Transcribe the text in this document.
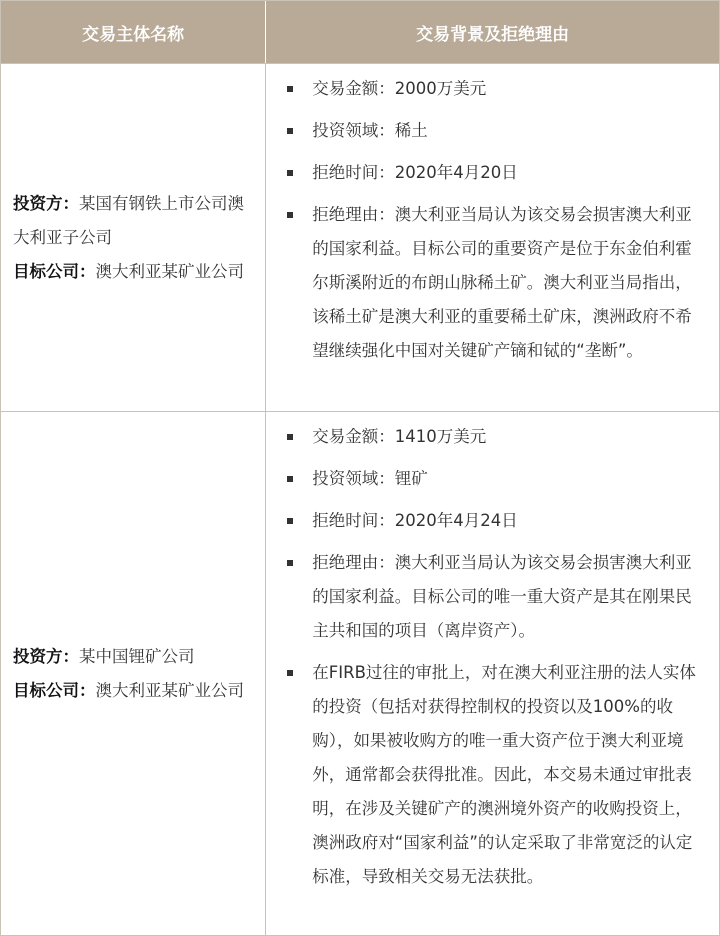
交易主体名称	交易背景及拒绝理由
投资方：某国有钢铁上市公司澳大利亚子公司
目标公司：澳大利亚某矿业公司
交易金额：2000万美元
投资领域：稀土
拒绝时间：2020年4月20日
拒绝理由：澳大利亚当局认为该交易会损害澳大利亚的国家利益。目标公司的重要资产是位于东金伯利霍尔斯溪附近的布朗山脉稀土矿。澳大利亚当局指出，该稀土矿是澳大利亚的重要稀土矿床，澳洲政府不希望继续强化中国对关键矿产镝和铽的“垄断”。
投资方：某中国锂矿公司
目标公司：澳大利亚某矿业公司
交易金额：1410万美元
投资领域：锂矿
拒绝时间：2020年4月24日
拒绝理由：澳大利亚当局认为该交易会损害澳大利亚的国家利益。目标公司的唯一重大资产是其在刚果民主共和国的项目（离岸资产）。
在FIRB过往的审批上，对在澳大利亚注册的法人实体的投资（包括对获得控制权的投资以及100%的收购），如果被收购方的唯一重大资产位于澳大利亚境外，通常都会获得批准。因此，本交易未通过审批表明，在涉及关键矿产的澳洲境外资产的收购投资上，澳洲政府对“国家利益”的认定采取了非常宽泛的认定标准，导致相关交易无法获批。
